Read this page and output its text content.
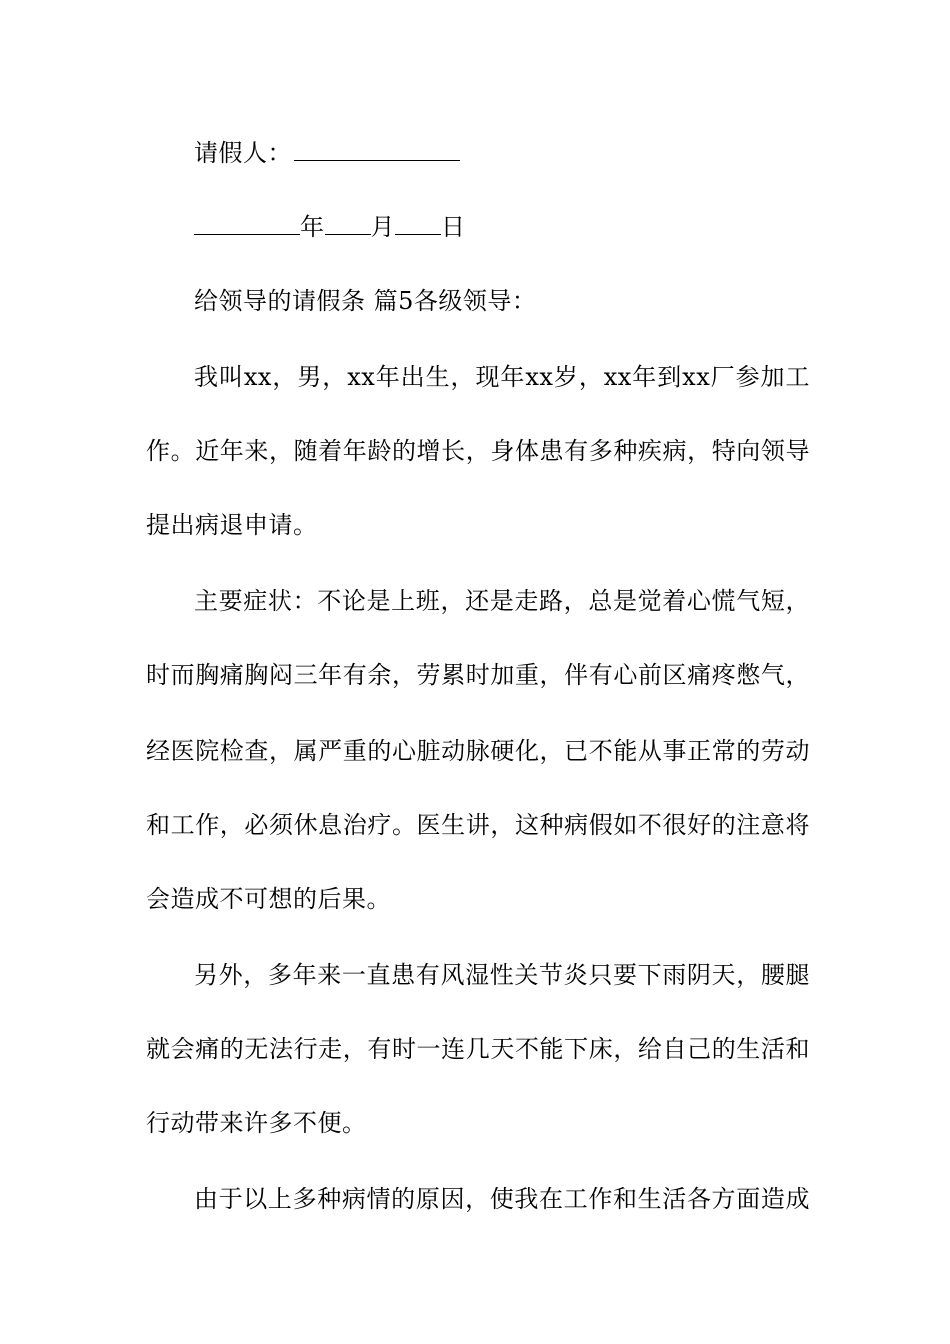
请假人：
年 月 日
给领导的请假条 篇5各级领导：
我叫xx，男，xx年出生，现年xx岁，xx年到xx厂参加工
作。近年来，随着年龄的增长，身体患有多种疾病，特向领导
提出病退申请。
主要症状：不论是上班，还是走路，总是觉着心慌气短，
时而胸痛胸闷三年有余，劳累时加重，伴有心前区痛疼憋气，
经医院检查，属严重的心脏动脉硬化，已不能从事正常的劳动
和工作，必须休息治疗。医生讲，这种病假如不很好的注意将
会造成不可想的后果。
另外，多年来一直患有风湿性关节炎只要下雨阴天，腰腿
就会痛的无法行走，有时一连几天不能下床，给自己的生活和
行动带来许多不便。
由于以上多种病情的原因，使我在工作和生活各方面造成
